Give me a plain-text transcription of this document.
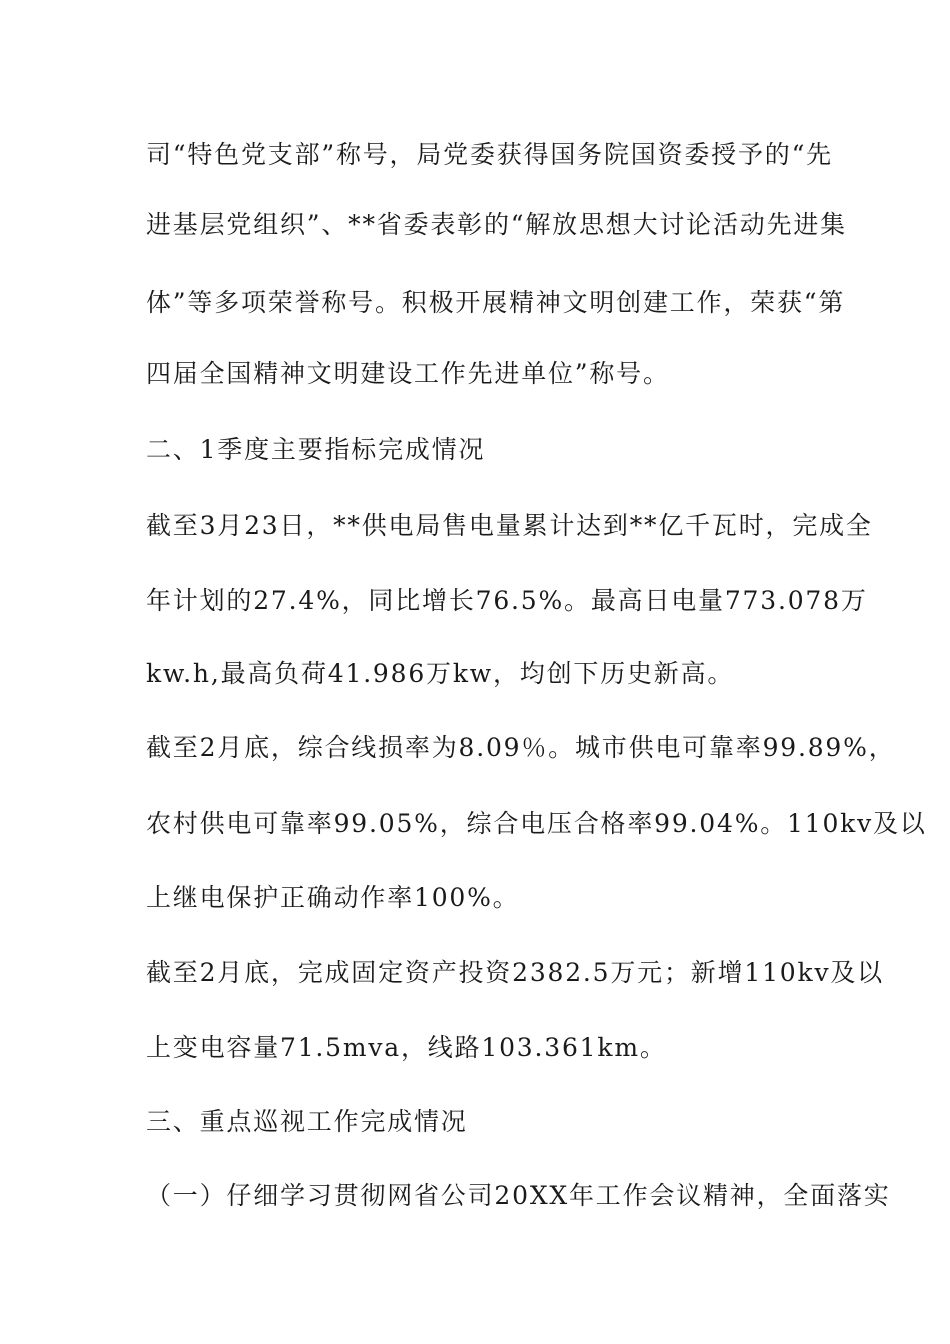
司“特色党支部”称号，局党委获得国务院国资委授予的“先
进基层党组织”、**省委表彰的“解放思想大讨论活动先进集
体”等多项荣誉称号。积极开展精神文明创建工作，荣获“第
四届全国精神文明建设工作先进单位”称号。
二、1季度主要指标完成情况
截至3月23日，**供电局售电量累计达到**亿千瓦时，完成全
年计划的27.4%，同比增长76.5%。最高日电量773.078万
kw.h,最高负荷41.986万kw，均创下历史新高。
截至2月底，综合线损率为8.09％。城市供电可靠率99.89%，
农村供电可靠率99.05%，综合电压合格率99.04%。110kv及以
上继电保护正确动作率100%。
截至2月底，完成固定资产投资2382.5万元；新增110kv及以
上变电容量71.5mva，线路103.361km。
三、重点巡视工作完成情况
（一）仔细学习贯彻网省公司20XX年工作会议精神，全面落实
